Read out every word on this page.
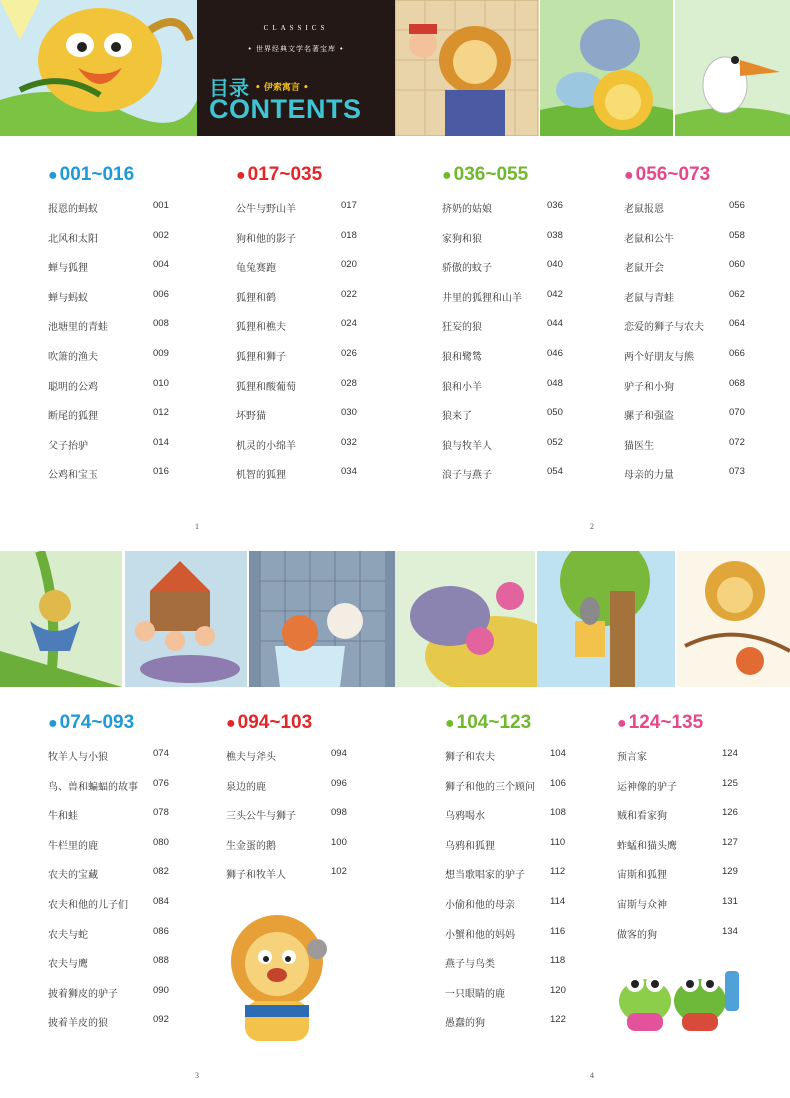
CLASSICS
• 世界经典文学名著宝库 •
目录 • 伊索寓言 •
CONTENTS
● 001~016
报恩的蚂蚁	001
北风和太阳	002
蝉与狐狸	004
蝉与蚂蚁	006
池塘里的青蛙	008
吹箫的渔夫	009
聪明的公鸡	010
断尾的狐狸	012
父子抬驴	014
公鸡和宝玉	016
● 017~035
公牛与野山羊	017
狗和他的影子	018
龟兔赛跑	020
狐狸和鹤	022
狐狸和樵夫	024
狐狸和狮子	026
狐狸和酸葡萄	028
坏野猫	030
机灵的小绵羊	032
机智的狐狸	034
1
● 036~055
挤奶的姑娘	036
家狗和狼	038
骄傲的蚊子	040
井里的狐狸和山羊	042
狂妄的狼	044
狼和鹭鸶	046
狼和小羊	048
狼来了	050
狼与牧羊人	052
浪子与燕子	054
● 056~073
老鼠报恩	056
老鼠和公牛	058
老鼠开会	060
老鼠与青蛙	062
恋爱的狮子与农夫	064
两个好朋友与熊	066
驴子和小狗	068
骡子和强盗	070
猫医生	072
母亲的力量	073
2
● 074~093
牧羊人与小狼	074
鸟、兽和蝙蝠的故事 076
牛和蛙	078
牛栏里的鹿	080
农夫的宝藏	082
农夫和他的儿子们	084
农夫与蛇	086
农夫与鹰	088
披着狮皮的驴子	090
披着羊皮的狼	092
● 094~103
樵夫与斧头	094
泉边的鹿	096
三头公牛与狮子	098
生金蛋的鹅	100
狮子和牧羊人	102
3
● 104~123
狮子和农夫	104
狮子和他的三个顾问 106
乌鸦喝水	108
乌鸦和狐狸	110
想当歌唱家的驴子	112
小偷和他的母亲	114
小蟹和他的妈妈	116
燕子与鸟类	118
一只眼睛的鹿	120
愚蠢的狗	122
● 124~135
预言家	124
运神像的驴子	125
贼和看家狗	126
蚱蜢和猫头鹰	127
宙斯和狐狸	129
宙斯与众神	131
做客的狗	134
4
